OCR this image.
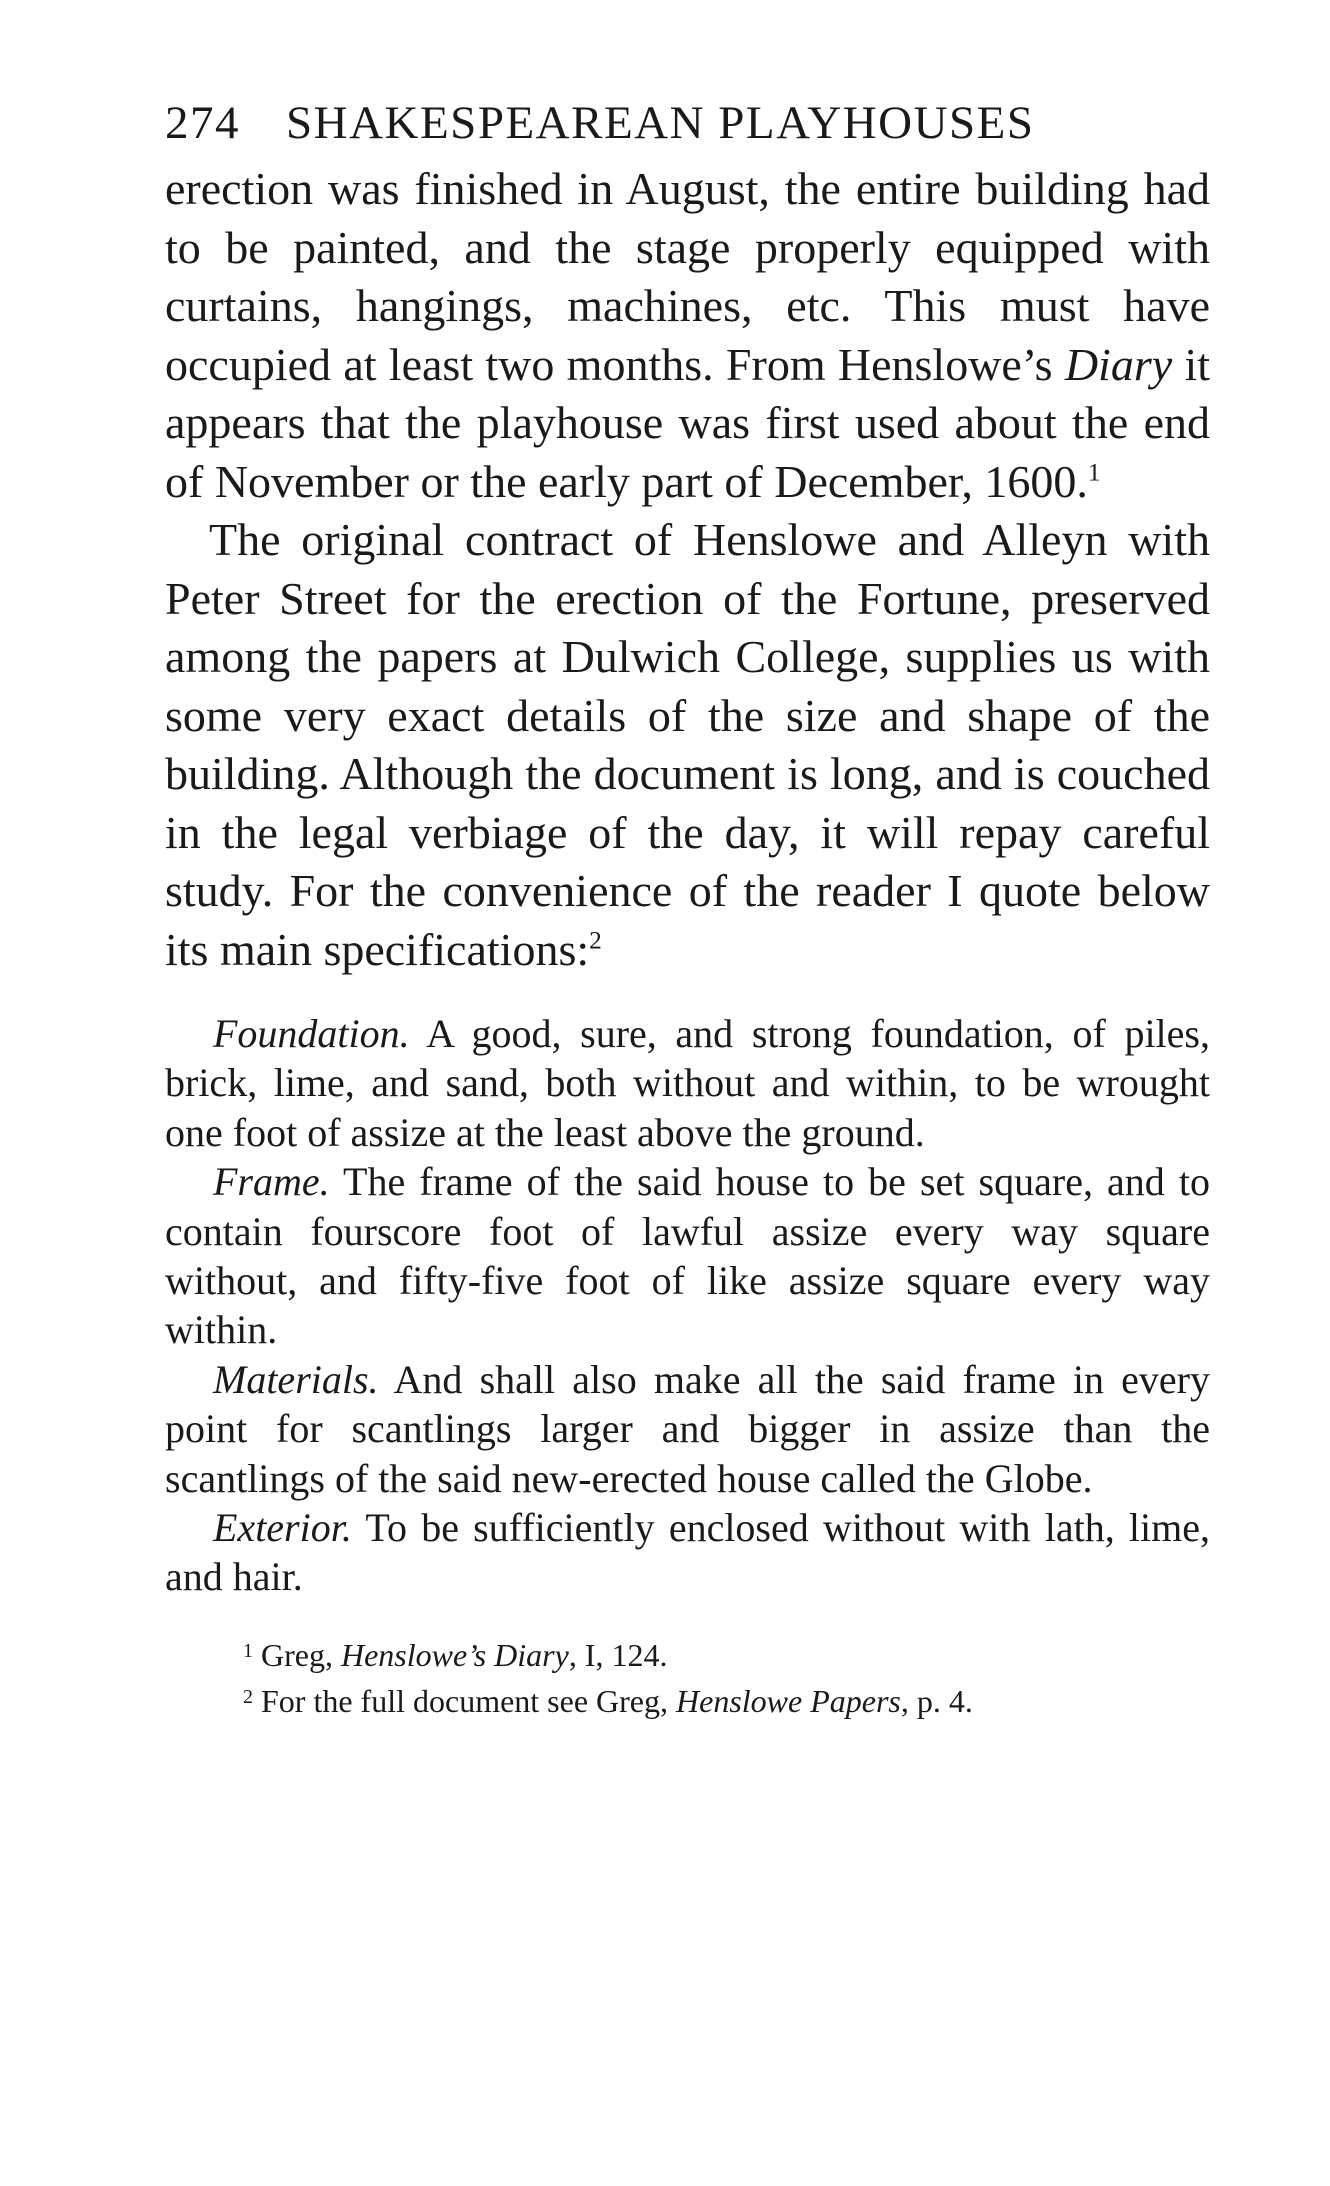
274 SHAKESPEAREAN PLAYHOUSES

erection was finished in August, the entire building had to be painted, and the stage properly equipped with curtains, hangings, machines, etc. This must have occupied at least two months. From Henslowe’s Diary it appears that the playhouse was first used about the end of November or the early part of December, 1600.$^1$

The original contract of Henslowe and Alleyn with Peter Street for the erection of the Fortune, preserved among the papers at Dulwich College, supplies us with some very exact details of the size and shape of the building. Although the document is long, and is couched in the legal verbiage of the day, it will repay careful study. For the convenience of the reader I quote below its main specifications:$^2$

Foundation. A good, sure, and strong foundation, of piles, brick, lime, and sand, both without and within, to be wrought one foot of assize at the least above the ground.

Frame. The frame of the said house to be set square, and to contain fourscore foot of lawful assize every way square without, and fifty-five foot of like assize square every way within.

Materials. And shall also make all the said frame in every point for scantlings larger and bigger in assize than the scantlings of the said new-erected house called the Globe.

Exterior. To be sufficiently enclosed without with lath, lime, and hair.

$^1$ Greg, Henslowe’s Diary, I, 124.

$^2$ For the full document see Greg, Henslowe Papers, p. 4.
